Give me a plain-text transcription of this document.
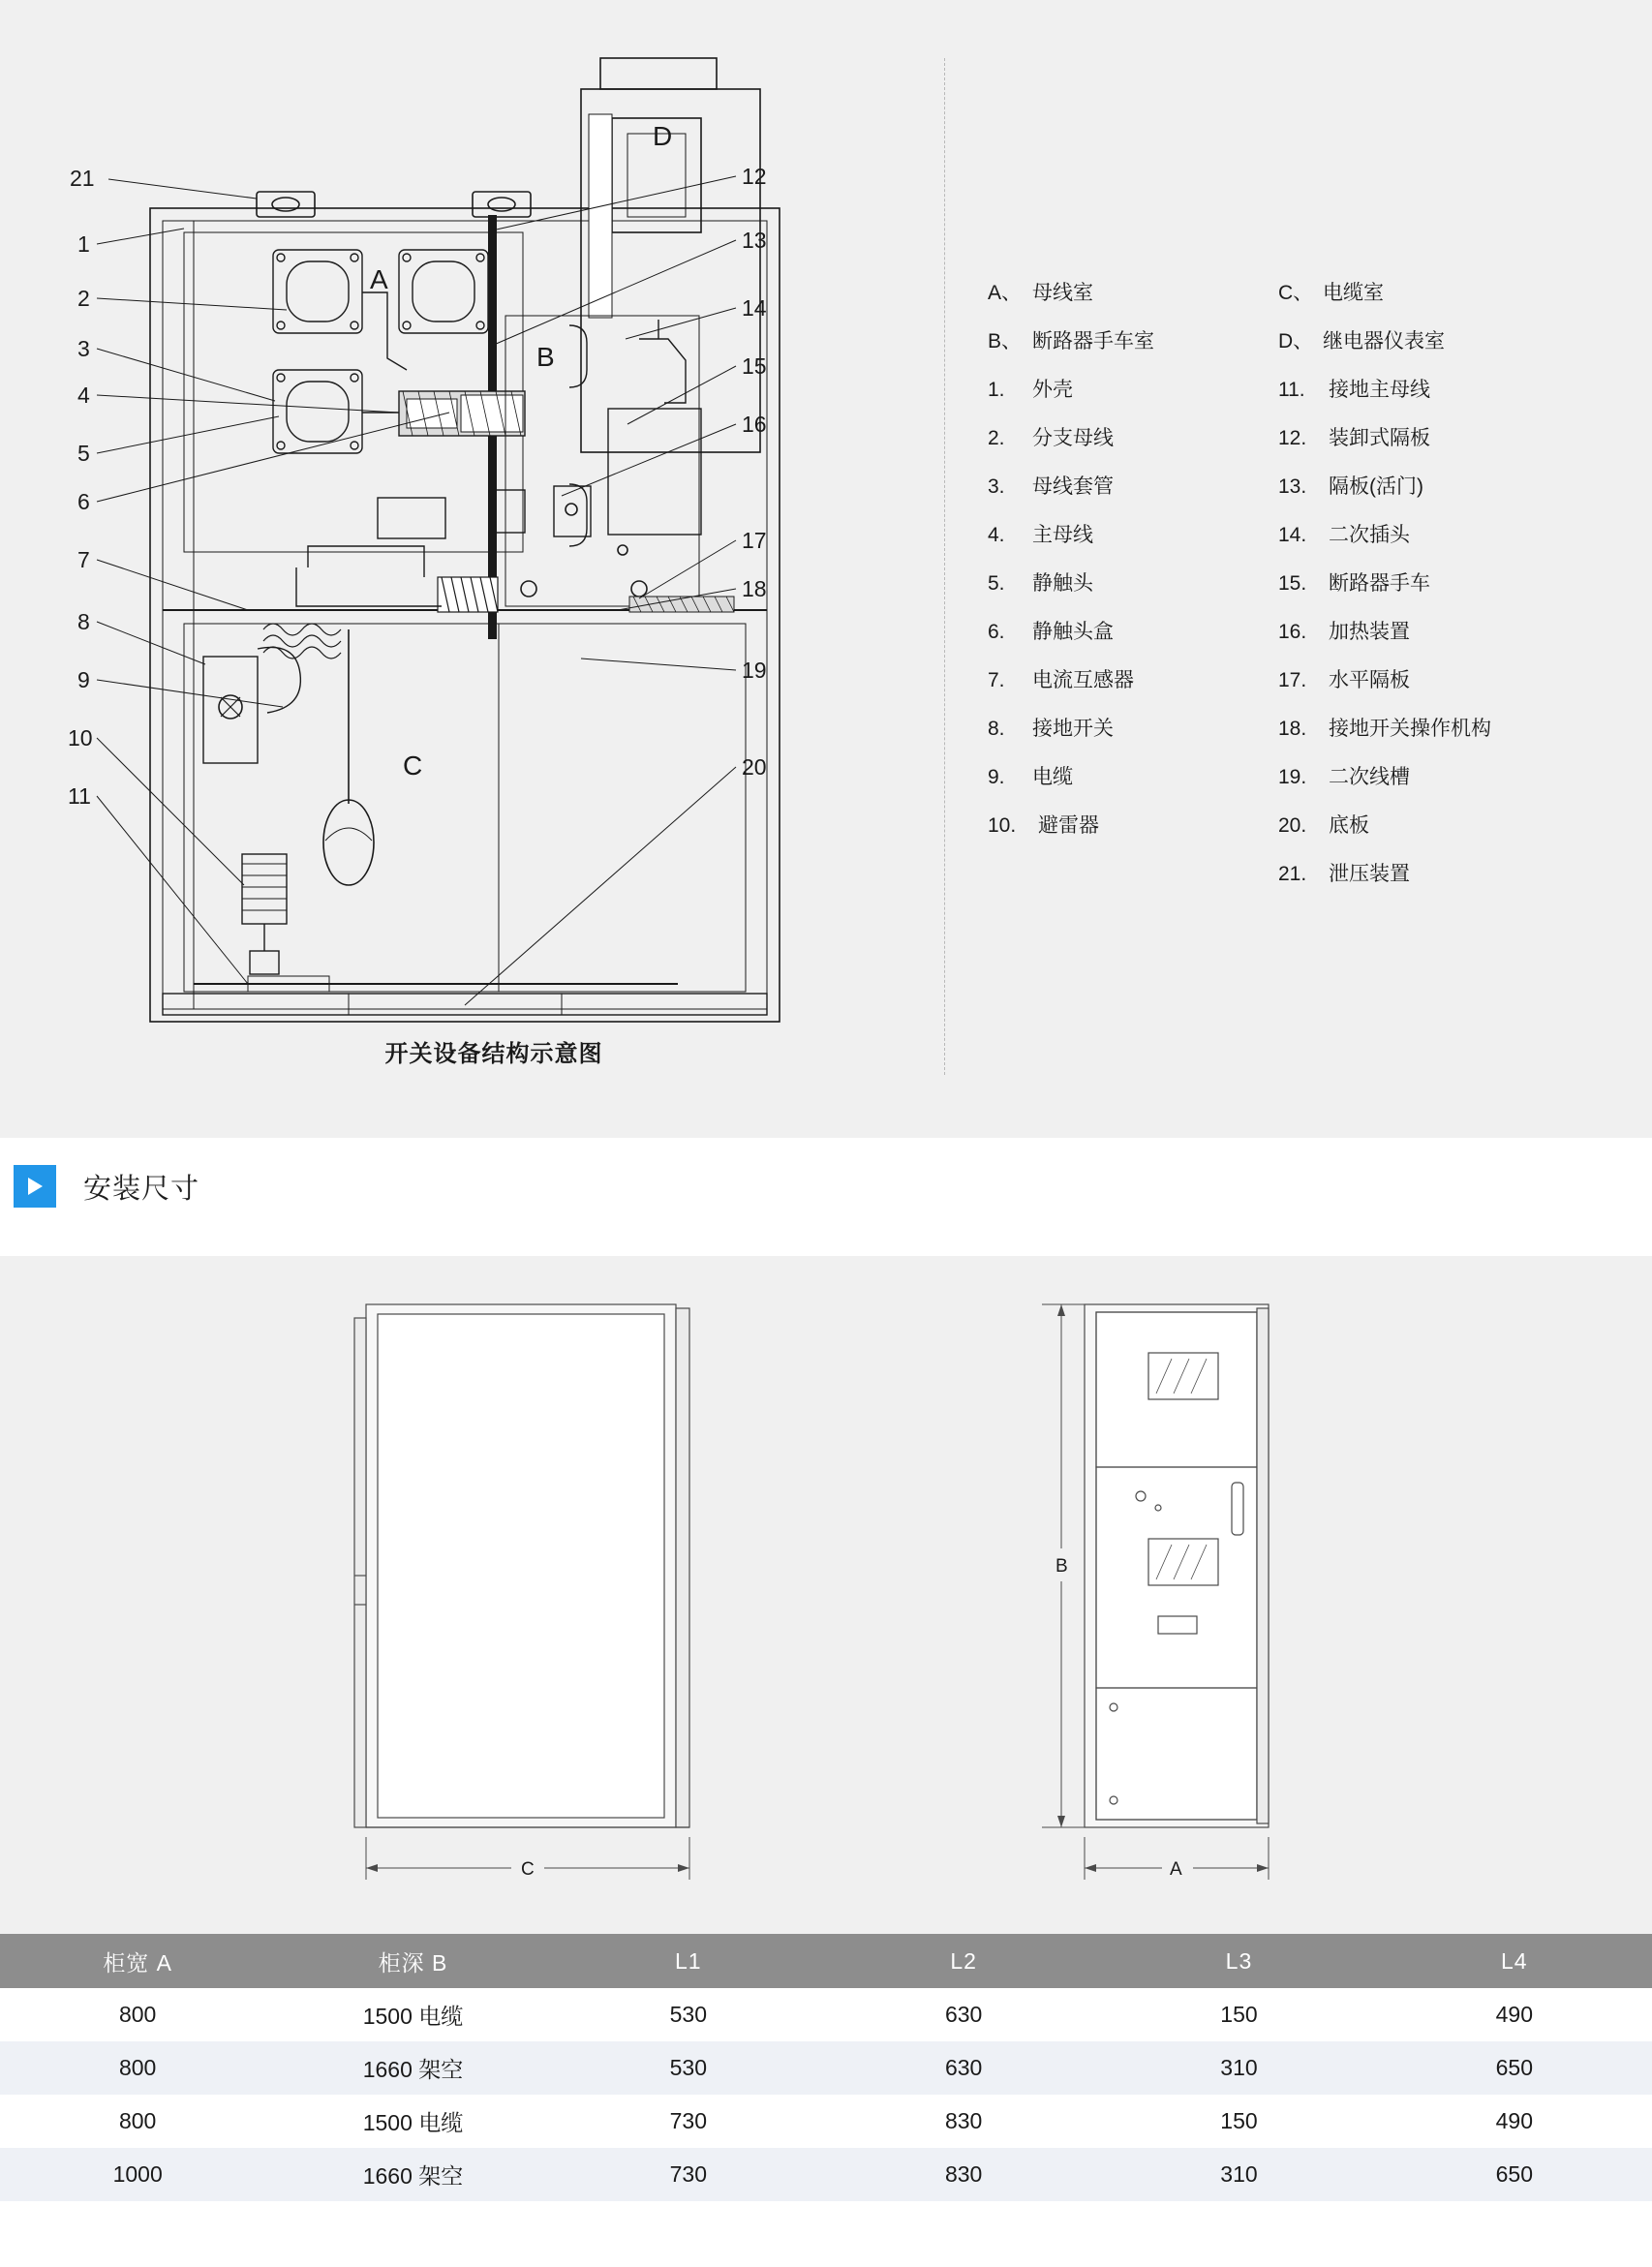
21
1
2
3
4
5
6
7
8
9
10
11
12
13
14
15
16
17
18
19
20
A
B
C
D
开关设备结构示意图
A、 母线室	C、 电缆室
B、 断路器手车室	D、 继电器仪表室
1.	外壳	11.	接地主母线
2.	分支母线	12.	装卸式隔板
3.	母线套管	13.	隔板(活门)
4.	主母线	14.	二次插头
5.	静触头	15.	断路器手车
6.	静触头盒	16.	加热装置
7.	电流互感器	17.	水平隔板
8.	接地开关	18.	接地开关操作机构
9.	电缆	19.	二次线槽
10.	避雷器	20.	底板
21.	泄压装置
安装尺寸
C
B
A
柜宽 A	柜深 B	L1	L2	L3	L4
800	1500 电缆	530	630	150	490
800	1660 架空	530	630	310	650
800	1500 电缆	730	830	150	490
1000	1660 架空	730	830	310	650
